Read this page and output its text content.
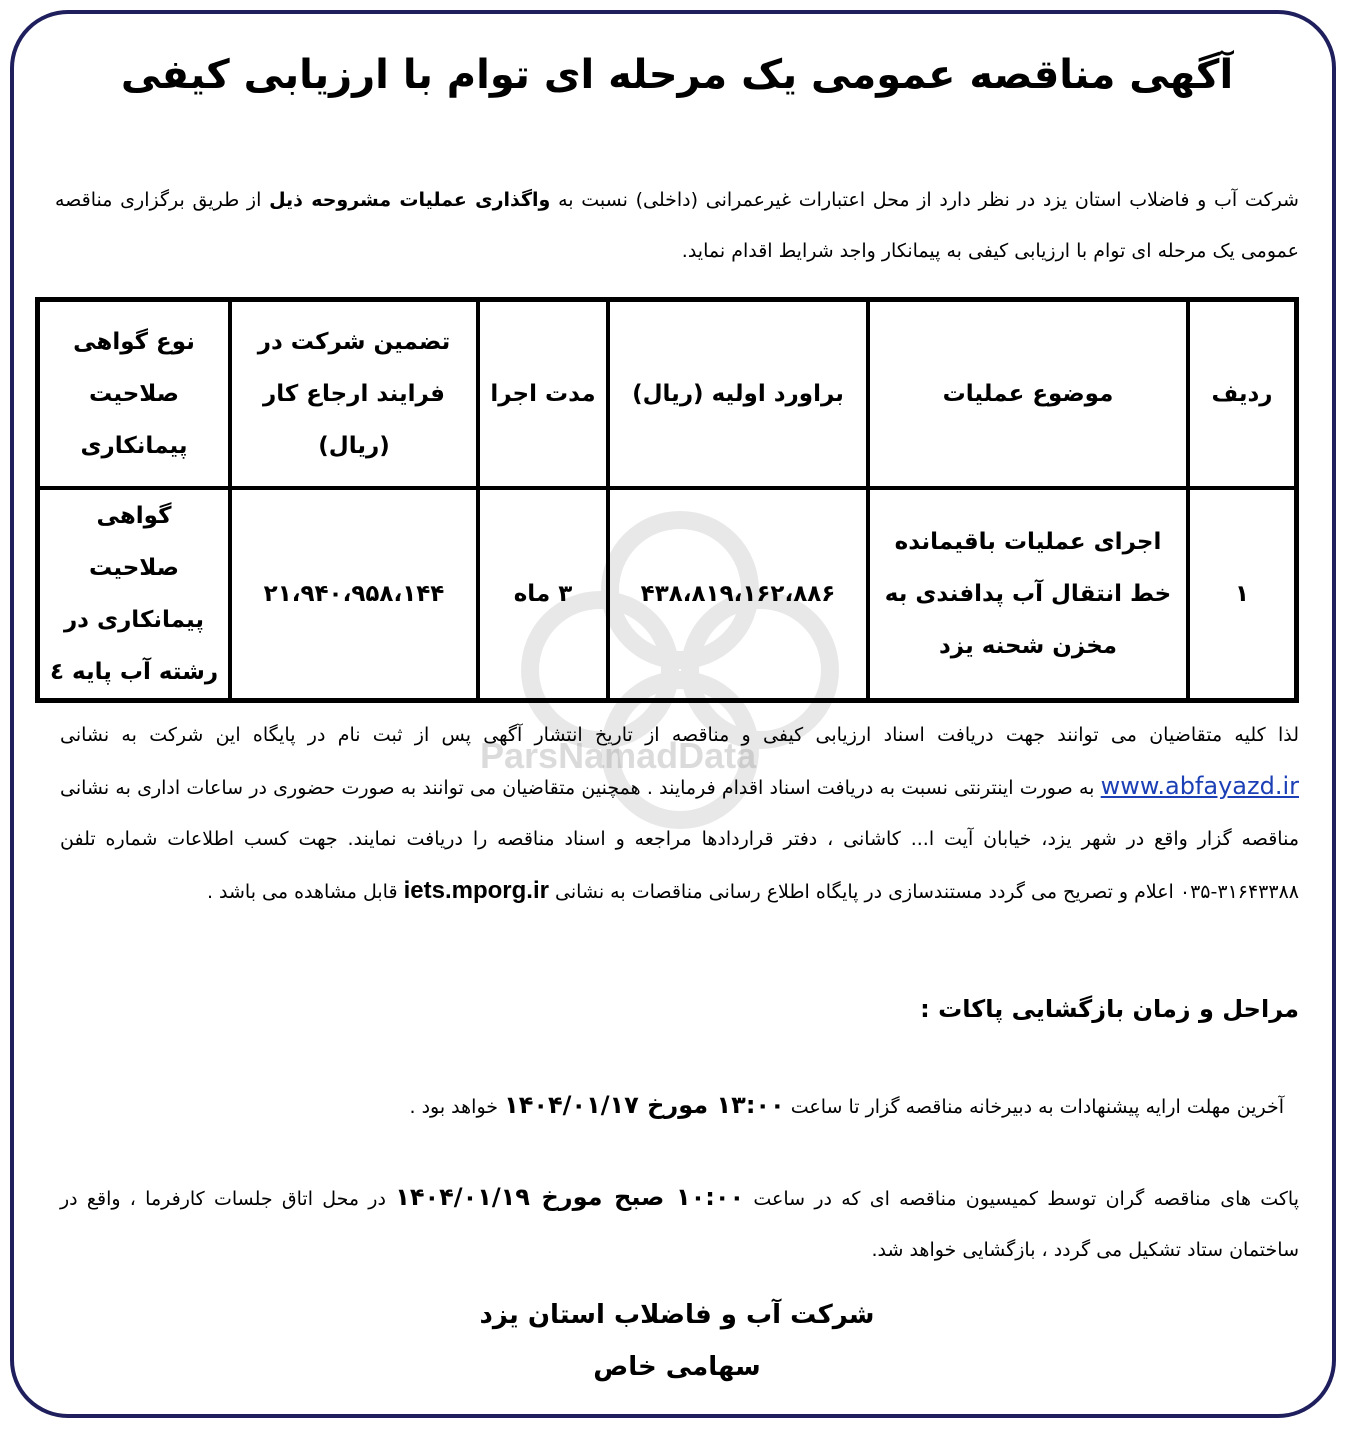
ParsNamadData
آگهی مناقصه عمومی یک مرحله ای توام با ارزیابی کیفی
شرکت آب و فاضلاب استان یزد در نظر دارد از محل اعتبارات غیرعمرانی (داخلی) نسبت به واگذاری عملیات مشروحه ذیل از طریق برگزاری مناقصه عمومی یک مرحله ای توام با ارزیابی کیفی به پیمانکار واجد شرایط اقدام نماید.
ردیف	موضوع عملیات	براورد اولیه (ریال)	مدت اجرا	تضمین شرکت در فرایند ارجاع کار (ریال)	نوع گواهی صلاحیت پیمانکاری
۱	اجرای عملیات باقیمانده خط انتقال آب پدافندی به مخزن شحنه یزد	۴۳۸،۸۱۹،۱۶۲،۸۸۶	۳ ماه	۲۱،۹۴۰،۹۵۸،۱۴۴	گواهی صلاحیت پیمانکاری در رشته آب پایه ٤
لذا کلیه متقاضیان می توانند جهت دریافت اسناد ارزیابی کیفی و مناقصه از تاریخ انتشار آگهی پس از ثبت نام در پایگاه این شرکت به نشانی www.abfayazd.ir به صورت اینترنتی نسبت به دریافت اسناد اقدام فرمایند . همچنین متقاضیان می توانند به صورت حضوری در ساعات اداری به نشانی مناقصه گزار واقع در شهر یزد، خیابان آیت ا... کاشانی ، دفتر قراردادها مراجعه و اسناد مناقصه را دریافت نمایند. جهت کسب اطلاعات شماره تلفن ۳۱۶۴۳۳۸۸-۰۳۵ اعلام و تصریح می گردد مستندسازی در پایگاه اطلاع رسانی مناقصات به نشانی iets.mporg.ir قابل مشاهده می باشد .
مراحل و زمان بازگشایی پاکات :
آخرین مهلت ارایه پیشنهادات به دبیرخانه مناقصه گزار تا ساعت ۱۳:۰۰ مورخ ۱۴۰۴/۰۱/۱۷ خواهد بود .
پاکت های مناقصه گران توسط کمیسیون مناقصه ای که در ساعت ۱۰:۰۰ صبح مورخ ۱۴۰۴/۰۱/۱۹ در محل اتاق جلسات کارفرما ، واقع در ساختمان ستاد تشکیل می گردد ، بازگشایی خواهد شد.
شرکت آب و فاضلاب استان یزد
سهامی خاص
